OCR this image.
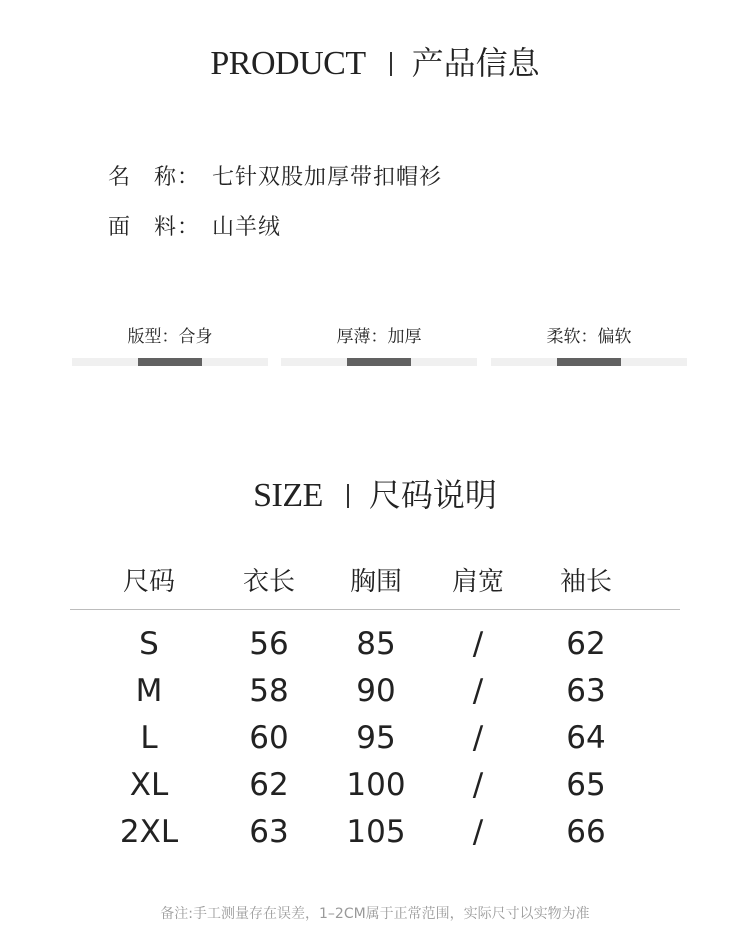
PRODUCT 产品信息
名　称： 七针双股加厚带扣帽衫
面　料： 山羊绒
版型：合身	厚薄：加厚	柔软：偏软
SIZE 尺码说明
尺码	衣长	胸围	肩宽	袖长
S	56	85	/	62
M	58	90	/	63
L	60	95	/	64
XL	62	100	/	65
2XL	63	105	/	66
备注:手工测量存在误差，1–2CM属于正常范围，实际尺寸以实物为准
